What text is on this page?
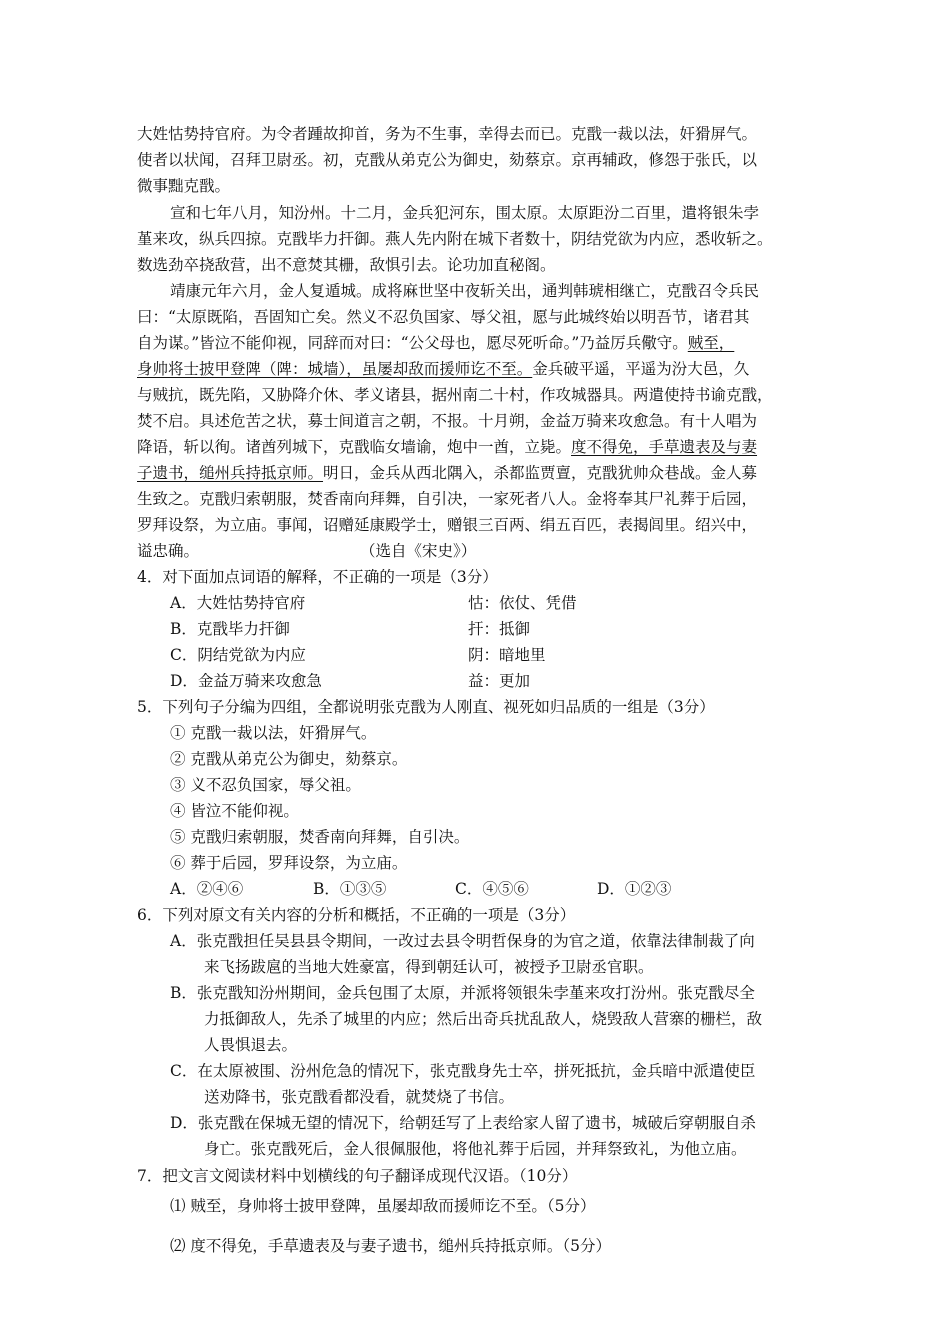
大姓怙势持官府。为令者踵故抑首，务为不生事，幸得去而已。克戬一裁以法，奸猾屏气。
使者以状闻，召拜卫尉丞。初，克戬从弟克公为御史，劾蔡京。京再辅政，修怨于张氏，以
微事黜克戬。
宣和七年八月，知汾州。十二月，金兵犯河东，围太原。太原距汾二百里，遣将银朱孛
堇来攻，纵兵四掠。克戬毕力扞御。燕人先内附在城下者数十，阴结党欲为内应，悉收斩之。
数选劲卒挠敌营，出不意焚其栅，敌惧引去。论功加直秘阁。
靖康元年六月，金人复遁城。成将麻世坚中夜斩关出，通判韩琥相继亡，克戬召令兵民
曰：“太原既陷，吾固知亡矣。然义不忍负国家、辱父祖，愿与此城终始以明吾节，诸君其
自为谋。”皆泣不能仰视，同辞而对曰：“公父母也，愿尽死听命。”乃益厉兵儆守。贼至，
身帅将士披甲登陴（陴：城墙），虽屡却敌而援师讫不至。金兵破平遥，平遥为汾大邑，久
与贼抗，既先陷，又胁降介休、孝义诸县，据州南二十村，作攻城器具。两遣使持书谕克戬，
焚不启。具述危苦之状，募士间道言之朝，不报。十月朔，金益万骑来攻愈急。有十人唱为
降语，斩以徇。诸酋列城下，克戬临女墙谕，炮中一酋，立毙。度不得免，手草遗表及与妻
子遗书，缒州兵持抵京师。明日，金兵从西北隅入，杀都监贾亶，克戬犹帅众巷战。金人募
生致之。克戬归索朝服，焚香南向拜舞，自引决，一家死者八人。金将奉其尸礼葬于后园，
罗拜设祭，为立庙。事闻，诏赠延康殿学士，赠银三百两、绢五百匹，表揭闾里。绍兴中，
谥忠确。	（选自《宋史》）
4．对下面加点词语的解释，不正确的一项是（3分）
A．大姓怙势持官府	怙：依仗、凭借
B．克戬毕力扞御	扞：抵御
C．阴结党欲为内应	阴：暗地里
D．金益万骑来攻愈急	益：更加
5．下列句子分编为四组，全都说明张克戬为人刚直、视死如归品质的一组是（3分）
① 克戬一裁以法，奸猾屏气。
② 克戬从弟克公为御史，劾蔡京。
③ 义不忍负国家，辱父祖。
④ 皆泣不能仰视。
⑤ 克戬归索朝服，焚香南向拜舞，自引决。
⑥ 葬于后园，罗拜设祭，为立庙。
A．②④⑥	B．①③⑤	C．④⑤⑥	D．①②③
6．下列对原文有关内容的分析和概括，不正确的一项是（3分）
A．张克戬担任吴县县令期间，一改过去县令明哲保身的为官之道，依靠法律制裁了向
来飞扬跋扈的当地大姓豪富，得到朝廷认可，被授予卫尉丞官职。
B．张克戬知汾州期间，金兵包围了太原，并派将领银朱孛堇来攻打汾州。张克戬尽全
力抵御敌人，先杀了城里的内应；然后出奇兵扰乱敌人，烧毁敌人营寨的栅栏，敌
人畏惧退去。
C．在太原被围、汾州危急的情况下，张克戬身先士卒，拼死抵抗，金兵暗中派遣使臣
送劝降书，张克戬看都没看，就焚烧了书信。
D．张克戬在保城无望的情况下，给朝廷写了上表给家人留了遗书，城破后穿朝服自杀
身亡。张克戬死后，金人很佩服他，将他礼葬于后园，并拜祭致礼，为他立庙。
7．把文言文阅读材料中划横线的句子翻译成现代汉语。（10分）
⑴ 贼至，身帅将士披甲登陴，虽屡却敌而援师讫不至。（5分）
⑵ 度不得免，手草遗表及与妻子遗书，缒州兵持抵京师。（5分）
